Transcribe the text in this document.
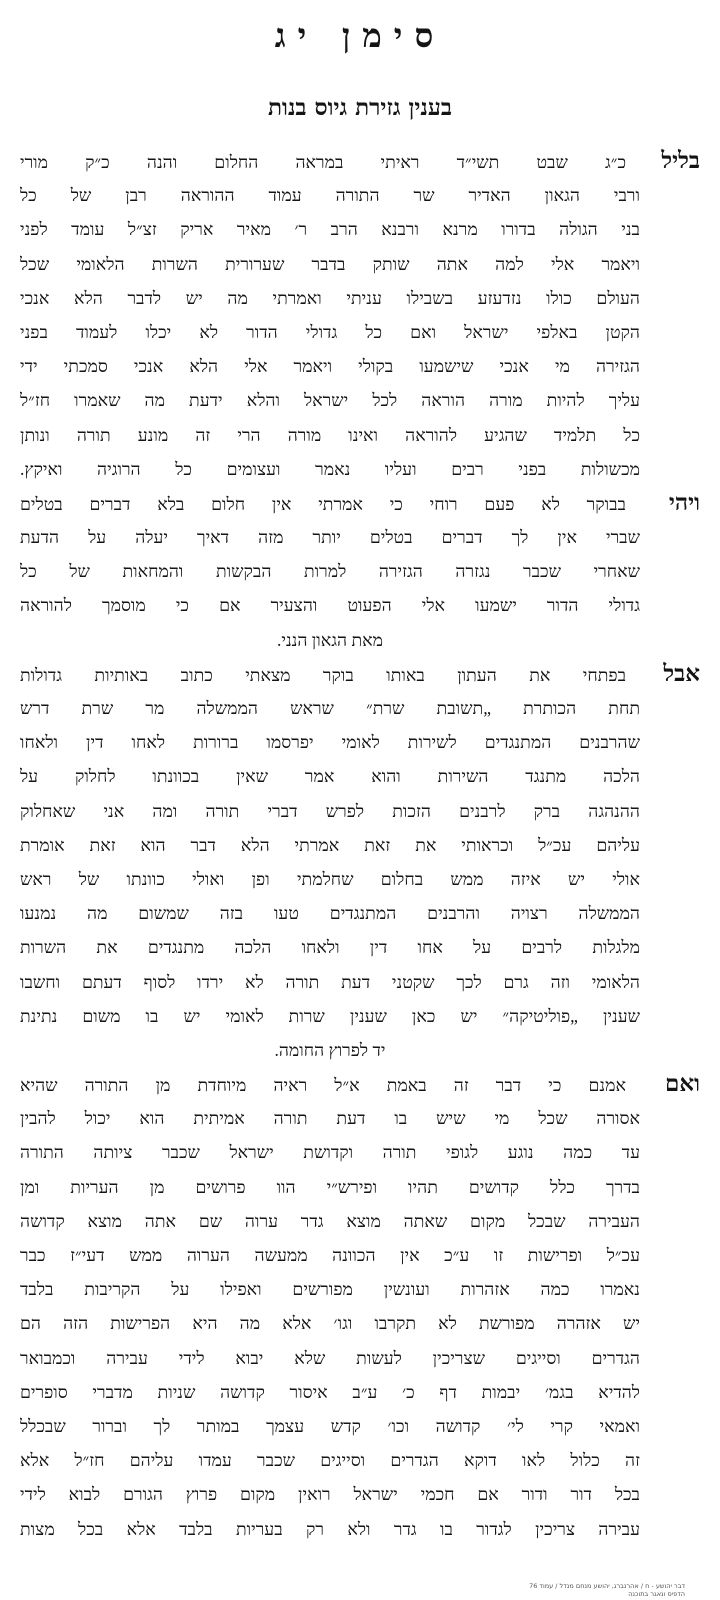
סימן יג
בענין גזירת גיוס בנות
בלילכ״ג שבט תשי״ד ראיתי במראה החלום והנה כ״ק מורי
ורבי הגאון האדיר שר התורה עמוד ההוראה רבן של כל
בני הגולה בדורו מרנא ורבנא הרב ר׳ מאיר אריק זצ״ל עומד לפני
ויאמר אלי למה אתה שותק בדבר שערורית השרות הלאומי שכל
העולם כולו נזדעזע בשבילו עניתי ואמרתי מה יש לדבר הלא אנכי
הקטן באלפי ישראל ואם כל גדולי הדור לא יכלו לעמוד בפני
הגזירה מי אנכי שישמעו בקולי ויאמר אלי הלא אנכי סמכתי ידי
עליך להיות מורה הוראה לכל ישראל והלא ידעת מה שאמרו חז״ל
כל תלמיד שהגיע להוראה ואינו מורה הרי זה מונע תורה ונותן
מכשולות בפני רבים ועליו נאמר ועצומים כל הרוגיה ואיקץ.
ויהיבבוקר לא פעם רוחי כי אמרתי אין חלום בלא דברים בטלים
שברי אין לך דברים בטלים יותר מזה דאיך יעלה על הדעת
שאחרי שכבר נגזרה הגזירה למרות הבקשות והמחאות של כל
גדולי הדור ישמעו אלי הפעוט והצעיר אם כי מוסמך להוראה
מאת הגאון הנני.
אבלבפתחי את העתון באותו בוקר מצאתי כתוב באותיות גדולות
תחת הכותרת „תשובת שרת״ שראש הממשלה מר שרת דרש
שהרבנים המתנגדים לשירות לאומי יפרסמו ברורות לאחו דין ולאחו
הלכה מתנגד השירות והוא אמר שאין בכוונתו לחלוק על
ההנהגה ברק לרבנים הזכות לפרש דברי תורה ומה אני שאחלוק
עליהם עכ״ל וכראותי את זאת אמרתי הלא דבר הוא זאת אומרת
אולי יש איזה ממש בחלום שחלמתי ופן ואולי כוונתו של ראש
הממשלה רצויה והרבנים המתנגדים טעו בזה שמשום מה נמנעו
מלגלות לרבים על אחו דין ולאחו הלכה מתנגדים את השרות
הלאומי וזה גרם לכך שקטני דעת תורה לא ירדו לסוף דעתם וחשבו
שענין „פוליטיקה״ יש כאן שענין שרות לאומי יש בו משום נתינת
יד לפרוץ החומה.
ואםאמנם כי דבר זה באמת א״ל ראיה מיוחדת מן התורה שהיא
אסורה שכל מי שיש בו דעת תורה אמיתית הוא יכול להבין
עד כמה נוגע לגופי תורה וקדושת ישראל שכבר ציותה התורה
בדרך כלל קדושים תהיו ופירש״י הוו פרושים מן העריות ומן
העבירה שבכל מקום שאתה מוצא גדר ערוה שם אתה מוצא קדושה
עכ״ל ופרישות זו ע״כ אין הכוונה ממעשה הערוה ממש דעי״ז כבר
נאמרו כמה אזהרות ועונשין מפורשים ואפילו על הקריבות בלבד
יש אזהרה מפורשת לא תקרבו וגו׳ אלא מה היא הפרישות הזה הם
הגדרים וסייגים שצריכין לעשות שלא יבוא לידי עבירה וכמבואר
להדיא בגמ׳ יבמות דף כ׳ ע״ב איסור קדושה שניות מדברי סופרים
ואמאי קרי לי׳ קדושה וכו׳ קדש עצמך במותר לך וברור שבכלל
זה כלול לאו דוקא הגדרים וסייגים שכבר עמדו עליהם חז״ל אלא
בכל דור ודור אם חכמי ישראל רואין מקום פרוץ הגורם לבוא לידי
עבירה צריכין לגדור בו גדר ולא רק בעריות בלבד אלא בכל מצות
דבר יהושע - ח / אהרנברג, יהושע מנחם מנדל / עמוד 76
הדפיס ונאגר בתוכנה
